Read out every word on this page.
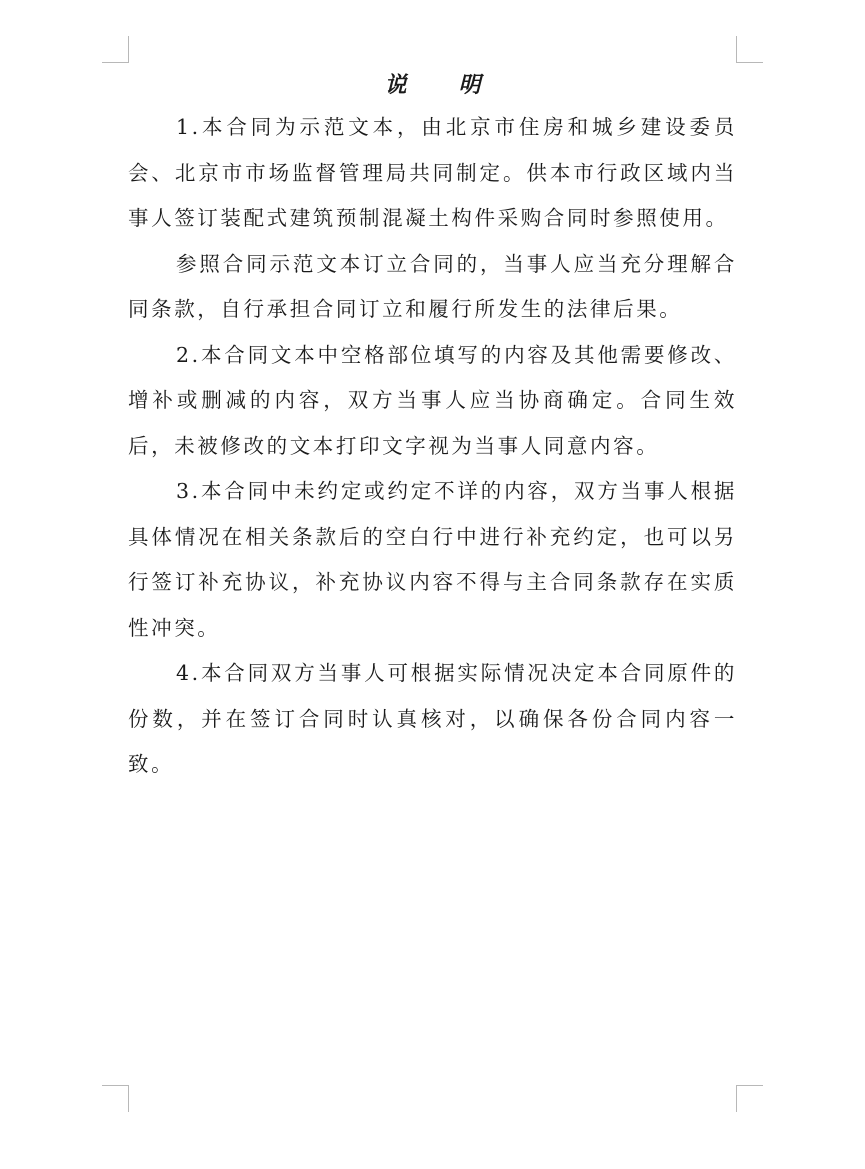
说明

1.本合同为示范文本，由北京市住房和城乡建设委员会、北京市市场监督管理局共同制定。供本市行政区域内当事人签订装配式建筑预制混凝土构件采购合同时参照使用。

参照合同示范文本订立合同的，当事人应当充分理解合同条款，自行承担合同订立和履行所发生的法律后果。

2.本合同文本中空格部位填写的内容及其他需要修改、增补或删减的内容，双方当事人应当协商确定。合同生效后，未被修改的文本打印文字视为当事人同意内容。

3.本合同中未约定或约定不详的内容，双方当事人根据具体情况在相关条款后的空白行中进行补充约定，也可以另行签订补充协议，补充协议内容不得与主合同条款存在实质性冲突。

4.本合同双方当事人可根据实际情况决定本合同原件的份数，并在签订合同时认真核对，以确保各份合同内容一致。
